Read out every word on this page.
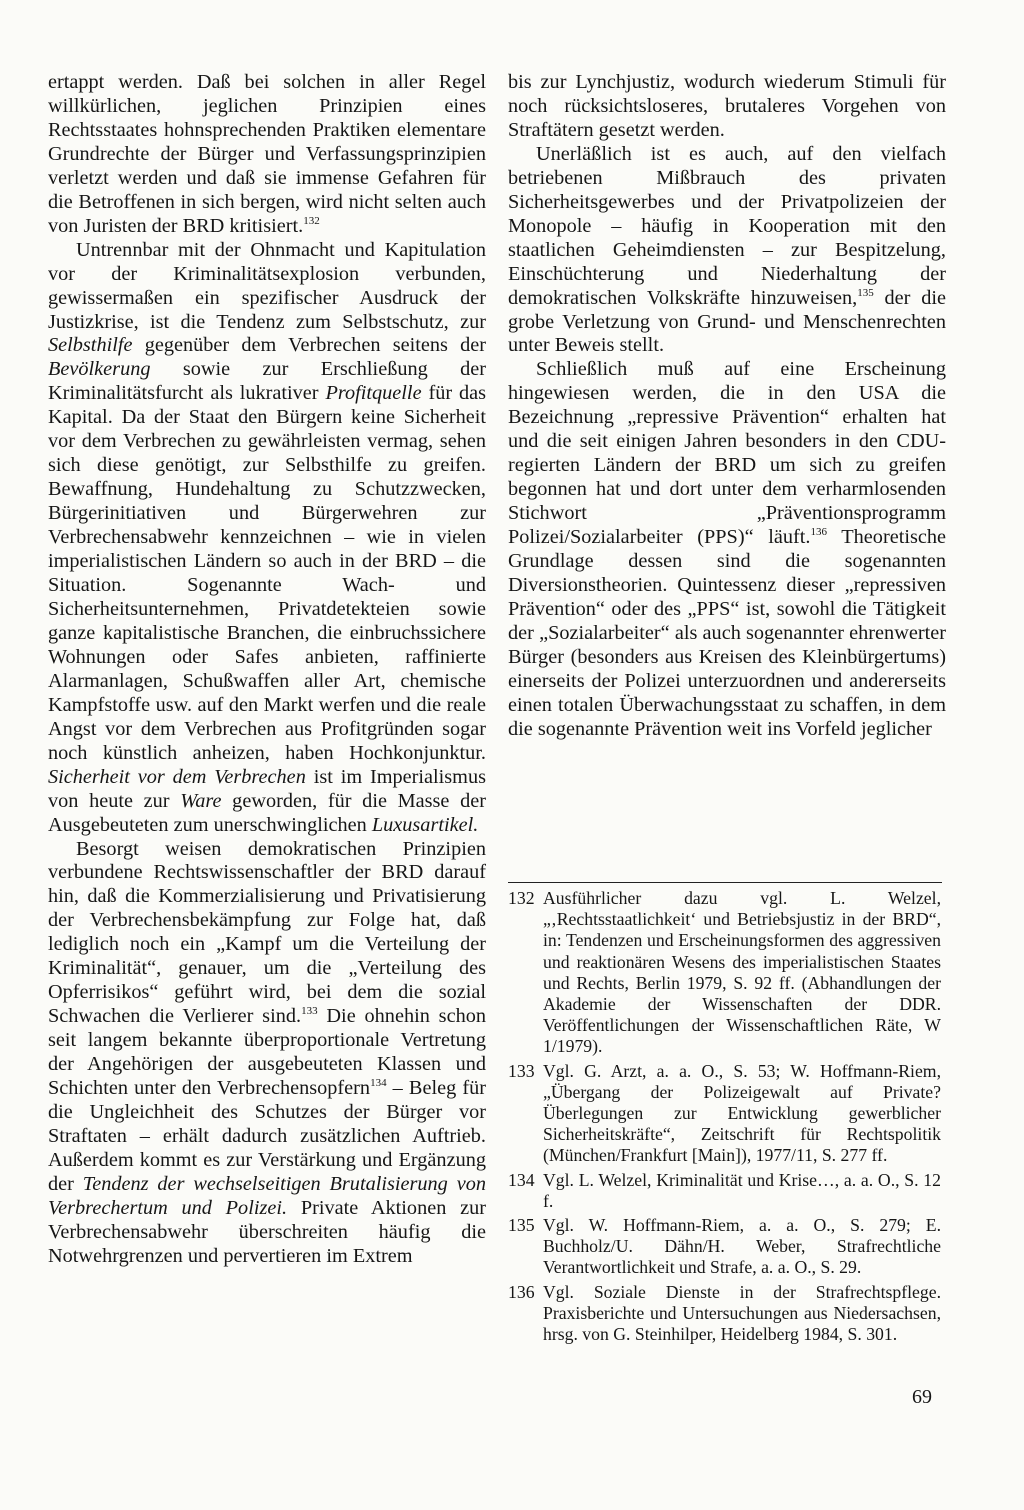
ertappt werden. Daß bei solchen in aller Regel willkürlichen, jeglichen Prinzipien eines Rechtsstaates hohnsprechenden Praktiken elementare Grundrechte der Bürger und Verfassungsprinzipien verletzt werden und daß sie immense Gefahren für die Betroffenen in sich bergen, wird nicht selten auch von Juristen der BRD kritisiert.$^{132}$

Untrennbar mit der Ohnmacht und Kapitulation vor der Kriminalitätsexplosion verbunden, gewissermaßen ein spezifischer Ausdruck der Justizkrise, ist die Tendenz zum Selbstschutz, zur Selbsthilfe gegenüber dem Verbrechen seitens der Bevölkerung sowie zur Erschließung der Kriminalitätsfurcht als lukrativer Profitquelle für das Kapital. Da der Staat den Bürgern keine Sicherheit vor dem Verbrechen zu gewährleisten vermag, sehen sich diese genötigt, zur Selbsthilfe zu greifen. Bewaffnung, Hundehaltung zu Schutzzwecken, Bürgerinitiativen und Bürgerwehren zur Verbrechensabwehr kennzeichnen – wie in vielen imperialistischen Ländern so auch in der BRD – die Situation. Sogenannte Wach- und Sicherheitsunternehmen, Privatdetekteien sowie ganze kapitalistische Branchen, die einbruchssichere Wohnungen oder Safes anbieten, raffinierte Alarmanlagen, Schußwaffen aller Art, chemische Kampfstoffe usw. auf den Markt werfen und die reale Angst vor dem Verbrechen aus Profitgründen sogar noch künstlich anheizen, haben Hochkonjunktur. Sicherheit vor dem Verbrechen ist im Imperialismus von heute zur Ware geworden, für die Masse der Ausgebeuteten zum unerschwinglichen Luxusartikel.

Besorgt weisen demokratischen Prinzipien verbundene Rechtswissenschaftler der BRD darauf hin, daß die Kommerzialisierung und Privatisierung der Verbrechensbekämpfung zur Folge hat, daß lediglich noch ein „Kampf um die Verteilung der Kriminalität“, genauer, um die „Verteilung des Opferrisikos“ geführt wird, bei dem die sozial Schwachen die Verlierer sind.$^{133}$ Die ohnehin schon seit langem bekannte überproportionale Vertretung der Angehörigen der ausgebeuteten Klassen und Schichten unter den Verbrechensopfern$^{134}$ – Beleg für die Ungleichheit des Schutzes der Bürger vor Straftaten – erhält dadurch zusätzlichen Auftrieb. Außerdem kommt es zur Verstärkung und Ergänzung der Tendenz der wechselseitigen Brutalisierung von Verbrechertum und Polizei. Private Aktionen zur Verbrechensabwehr überschreiten häufig die Notwehrgrenzen und pervertieren im Extrem

bis zur Lynchjustiz, wodurch wiederum Stimuli für noch rücksichtsloseres, brutaleres Vorgehen von Straftätern gesetzt werden.

Unerläßlich ist es auch, auf den vielfach betriebenen Mißbrauch des privaten Sicherheitsgewerbes und der Privatpolizeien der Monopole – häufig in Kooperation mit den staatlichen Geheimdiensten – zur Bespitzelung, Einschüchterung und Niederhaltung der demokratischen Volkskräfte hinzuweisen,$^{135}$ der die grobe Verletzung von Grund- und Menschenrechten unter Beweis stellt.

Schließlich muß auf eine Erscheinung hingewiesen werden, die in den USA die Bezeichnung „repressive Prävention“ erhalten hat und die seit einigen Jahren besonders in den CDU-regierten Ländern der BRD um sich zu greifen begonnen hat und dort unter dem verharmlosenden Stichwort „Präventionsprogramm Polizei/Sozialarbeiter (PPS)“ läuft.$^{136}$ Theoretische Grundlage dessen sind die sogenannten Diversionstheorien. Quintessenz dieser „repressiven Prävention“ oder des „PPS“ ist, sowohl die Tätigkeit der „Sozialarbeiter“ als auch sogenannter ehrenwerter Bürger (besonders aus Kreisen des Kleinbürgertums) einerseits der Polizei unterzuordnen und andererseits einen totalen Überwachungsstaat zu schaffen, in dem die sogenannte Prävention weit ins Vorfeld jeglicher

132 Ausführlicher dazu vgl. L. Welzel, „‚Rechtsstaatlichkeit‘ und Betriebsjustiz in der BRD“, in: Tendenzen und Erscheinungsformen des aggressiven und reaktionären Wesens des imperialistischen Staates und Rechts, Berlin 1979, S. 92 ff. (Abhandlungen der Akademie der Wissenschaften der DDR. Veröffentlichungen der Wissenschaftlichen Räte, W 1/1979).
133 Vgl. G. Arzt, a. a. O., S. 53; W. Hoffmann-Riem, „Übergang der Polizeigewalt auf Private? Überlegungen zur Entwicklung gewerblicher Sicherheitskräfte“, Zeitschrift für Rechtspolitik (München/Frankfurt [Main]), 1977/11, S. 277 ff.
134 Vgl. L. Welzel, Kriminalität und Krise…, a. a. O., S. 12 f.
135 Vgl. W. Hoffmann-Riem, a. a. O., S. 279; E. Buchholz/U. Dähn/H. Weber, Strafrechtliche Verantwortlichkeit und Strafe, a. a. O., S. 29.
136 Vgl. Soziale Dienste in der Strafrechtspflege. Praxisberichte und Untersuchungen aus Niedersachsen, hrsg. von G. Steinhilper, Heidelberg 1984, S. 301.
69
